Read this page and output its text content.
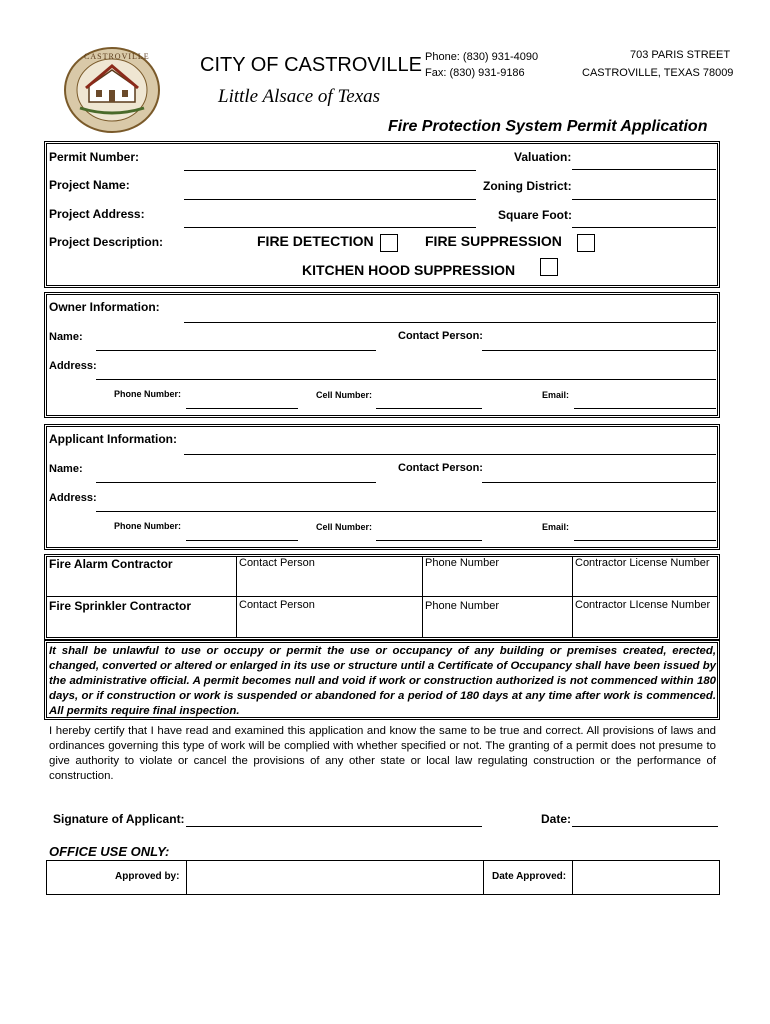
CASTROVILLE	CITY OF CASTROVILLE
Little Alsace of Texas
Phone: (830) 931-4090
Fax: (830) 931-9186
703 PARIS STREET
CASTROVILLE, TEXAS 78009
Fire Protection System Permit Application
Permit Number:	Valuation:
Project Name:	Zoning District:
Project Address:	Square Foot:
Project Description:	FIRE DETECTION	FIRE SUPPRESSION
KITCHEN HOOD SUPPRESSION
Owner Information:
Name:	Contact Person:
Address:
Phone Number:	Cell Number:	Email:
Applicant Information:
Name:	Contact Person:
Address:
Phone Number:	Cell Number:	Email:
Fire Alarm Contractor	Contact Person	Phone Number	Contractor License Number
Fire Sprinkler Contractor	Contact Person	Phone Number	Contractor LIcense Number
It shall be unlawful to use or occupy or permit the use or occupancy of any building or premises created, erected, changed, converted or altered or enlarged in its use or structure until a Certificate of Occupancy shall have been issued by the administrative official. A permit becomes null and void if work or construction authorized is not commenced within 180 days, or if construction or work is suspended or abandoned for a period of 180 days at any time after work is commenced. All permits require final inspection.
I hereby certify that I have read and examined this application and know the same to be true and correct. All provisions of laws and ordinances governing this type of work will be complied with whether specified or not. The granting of a permit does not presume to give authority to violate or cancel the provisions of any other state or local law regulating construction or the performance of construction.
Signature of Applicant:	Date:
OFFICE USE ONLY:
Approved by:	Date Approved:
